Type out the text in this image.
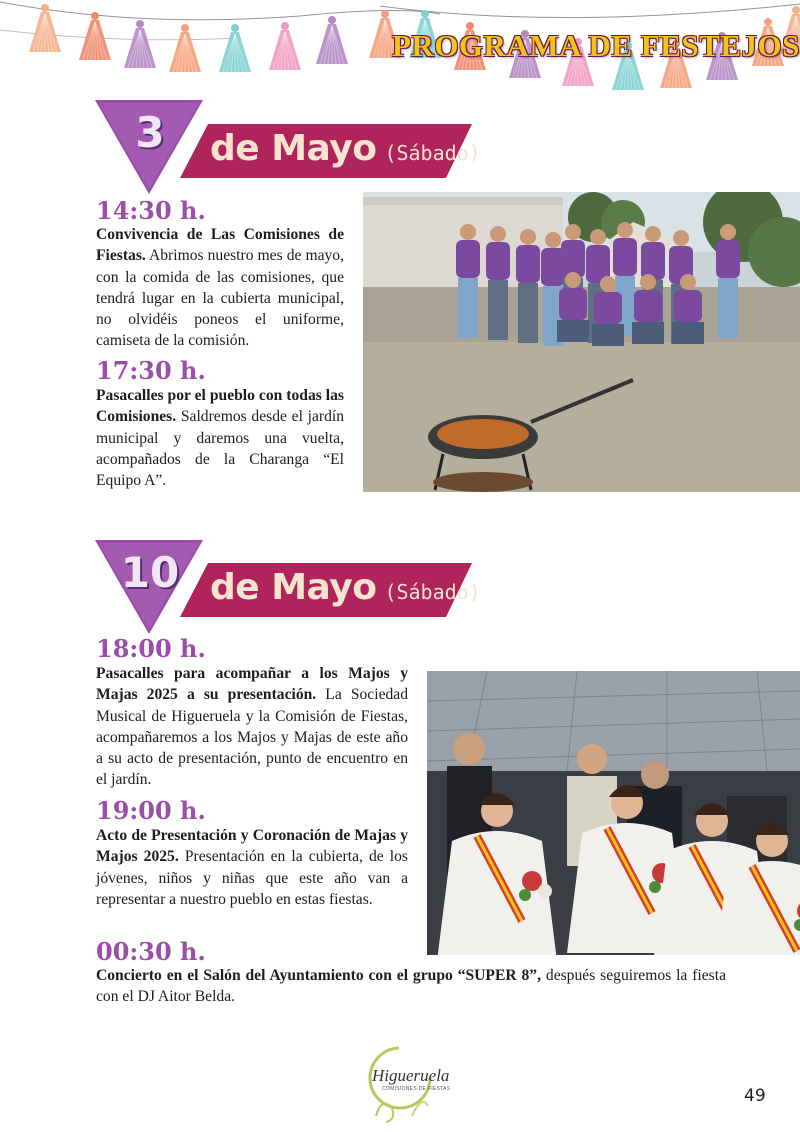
PROGRAMA DE FESTEJOS
3	de Mayo (Sábado)
14:30 h.
Convivencia de Las Comisiones de Fiestas. Abrimos nuestro mes de mayo, con la comida de las comisiones, que tendrá lugar en la cubierta municipal, no olvidéis poneos el uniforme, camiseta de la comisión.
17:30 h.
Pasacalles por el pueblo con todas las Comisiones. Saldremos desde el jardín municipal y daremos una vuelta, acompañados de la Charanga “El Equipo A”.
10 de Mayo (Sábado)
18:00 h.
Pasacalles para acompañar a los Majos y Majas 2025 a su presentación. La Sociedad Musical de Higueruela y la Comisión de Fiestas, acompañaremos a los Majos y Majas de este año a su acto de presentación, punto de encuentro en el jardín.
19:00 h.
Acto de Presentación y Coronación de Majas y Majos 2025. Presentación en la cubierta, de los jóvenes, niños y niñas que este año van a representar a nuestro pueblo en estas fiestas.
00:30 h.
Concierto en el Salón del Ayuntamiento con el grupo “SUPER 8”, después seguiremos la fiesta con el DJ Aitor Belda.
Higueruela
COMISIONES DE FIESTAS	49
